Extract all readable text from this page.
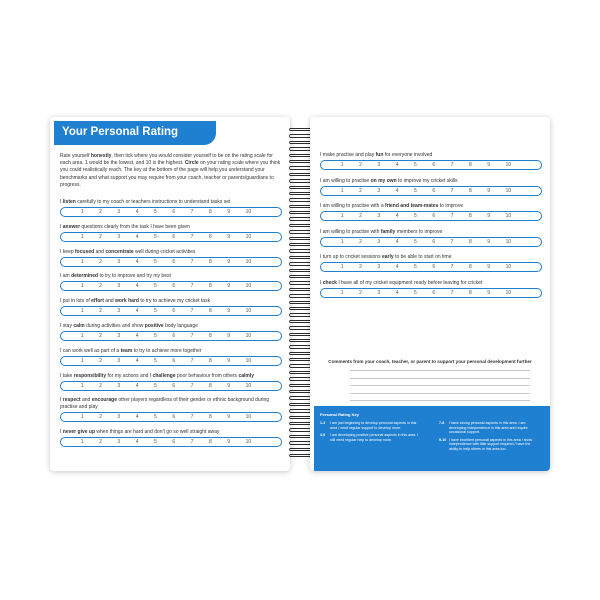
Your Personal Rating
Rate yourself honestly, then tick where you would consider yourself to be on the rating scale for each area. 1 would be the lowest, and 10 is the highest. Circle on your rating scale where you think you could realistically reach. The key at the bottom of the page will help you understand your benchmarks and what support you may require from your coach, teacher or parents/guardians to progress.
I listen carefully to my coach or teachers instructions to understand tasks set
1	2	3	4	5	6	7	8	9	10
I answer questions clearly from the task I have been given
1	2	3	4	5	6	7	8	9	10
I keep focused and concentrate well during cricket activities
1	2	3	4	5	6	7	8	9	10
I am determined to try to improve and try my best
1	2	3	4	5	6	7	8	9	10
I put in lots of effort and work hard to try to achieve my cricket task
1	2	3	4	5	6	7	8	9	10
I stay calm during activities and show positive body language
1	2	3	4	5	6	7	8	9	10
I can work well as part of a team to try to achieve more together
1	2	3	4	5	6	7	8	9	10
I take responsibility for my actions and I challenge poor behaviour from others calmly
1	2	3	4	5	6	7	8	9	10
I respect and encourage other players regardless of their gender or ethnic background during practise and play
1	2	3	4	5	6	7	8	9	10
I never give up when things are hard and don't go so well straight away
1	2	3	4	5	6	7	8	9	10
I make practise and play fun for everyone involved
1	2	3	4	5	6	7	8	9	10
I am willing to practise on my own to improve my cricket skills
1	2	3	4	5	6	7	8	9	10
I am willing to practise with a friend and team-mates to improve
1	2	3	4	5	6	7	8	9	10
I am willing to practise with family members to improve
1	2	3	4	5	6	7	8	9	10
I turn up to cricket sessions early to be able to start on time
1	2	3	4	5	6	7	8	9	10
I check I have all of my cricket equipment ready before leaving for cricket
1	2	3	4	5	6	7	8	9	10
Comments from your coach, teacher, or parent to support your personal development further
Personal Rating Key
1-3	I am just beginning to develop personal aspects in this area / need regular support to develop more.
4-6	I am developing positive personal aspects in this area. I still need regular help to develop more.
7-8	I have strong personal aspects in this area. I am developing independence in this area and require occasional support.
9-10 I have excellent personal aspects in this area / show independence with little support required / have the ability to help others in this area too.
